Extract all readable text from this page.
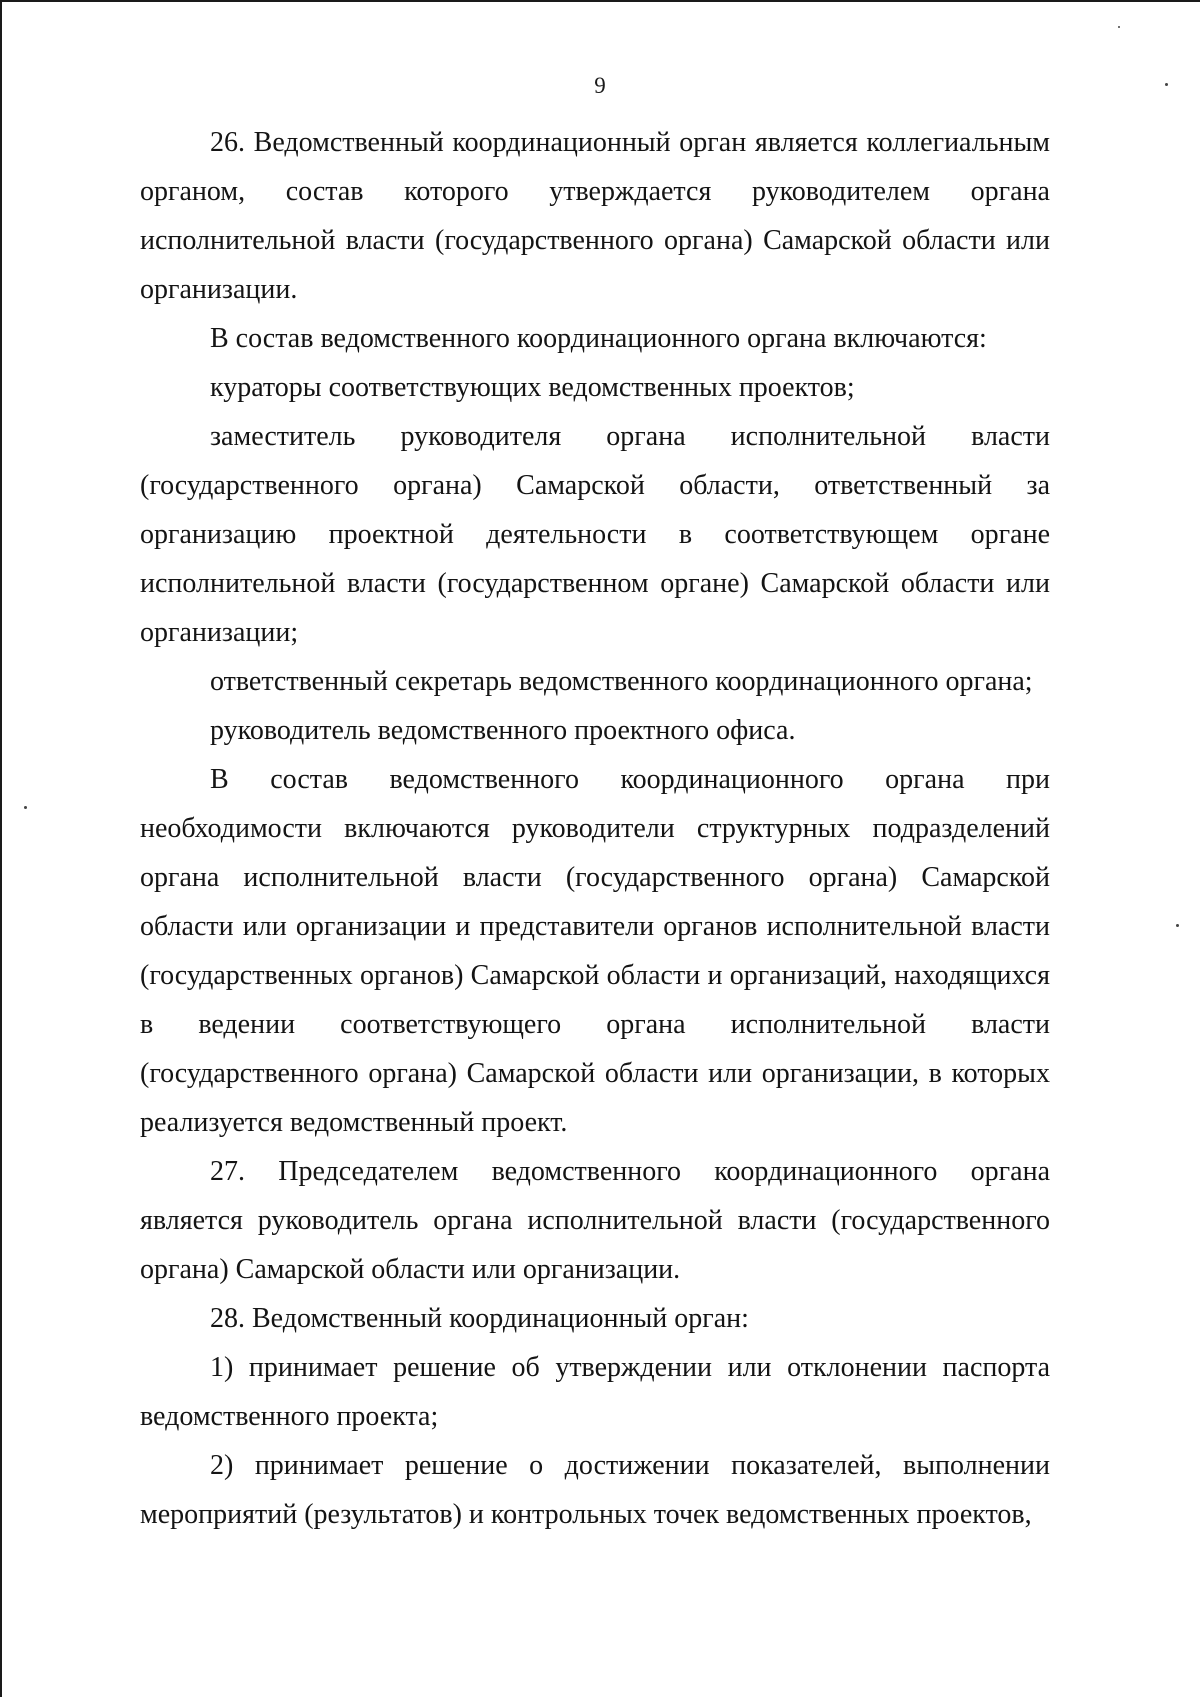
9

26. Ведомственный координационный орган является коллегиальным органом, состав которого утверждается руководителем органа исполнительной власти (государственного органа) Самарской области или организации.

В состав ведомственного координационного органа включаются:

кураторы соответствующих ведомственных проектов;

заместитель руководителя органа исполнительной власти (государственного органа) Самарской области, ответственный за организацию проектной деятельности в соответствующем органе исполнительной власти (государственном органе) Самарской области или организации;

ответственный секретарь ведомственного координационного органа;

руководитель ведомственного проектного офиса.

В состав ведомственного координационного органа при необходимости включаются руководители структурных подразделений органа исполнительной власти (государственного органа) Самарской области или организации и представители органов исполнительной власти (государственных органов) Самарской области и организаций, находящихся в ведении соответствующего органа исполнительной власти (государственного органа) Самарской области или организации, в которых реализуется ведомственный проект.

27. Председателем ведомственного координационного органа является руководитель органа исполнительной власти (государственного органа) Самарской области или организации.

28. Ведомственный координационный орган:

1) принимает решение об утверждении или отклонении паспорта ведомственного проекта;

2) принимает решение о достижении показателей, выполнении мероприятий (результатов) и контрольных точек ведомственных проектов,
